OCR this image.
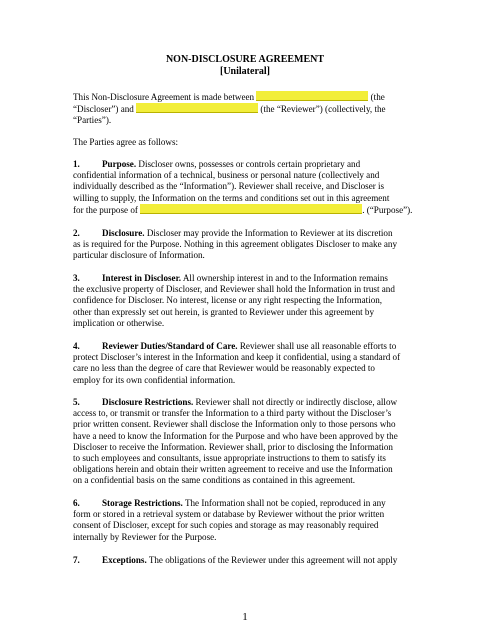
NON-DISCLOSURE AGREEMENT
[Unilateral]
This Non-Disclosure Agreement is made between	(the
“Discloser”) and	(the “Reviewer”) (collectively, the
“Parties”).
The Parties agree as follows:
1. Purpose. Discloser owns, possesses or controls certain proprietary and
confidential information of a technical, business or personal nature (collectively and
individually described as the “Information”). Reviewer shall receive, and Discloser is
willing to supply, the Information on the terms and conditions set out in this agreement
for the purpose of	. (“Purpose”).
2. Disclosure. Discloser may provide the Information to Reviewer at its discretion
as is required for the Purpose. Nothing in this agreement obligates Discloser to make any
particular disclosure of Information.
3. Interest in Discloser. All ownership interest in and to the Information remains
the exclusive property of Discloser, and Reviewer shall hold the Information in trust and
confidence for Discloser. No interest, license or any right respecting the Information,
other than expressly set out herein, is granted to Reviewer under this agreement by
implication or otherwise.
4. Reviewer Duties/Standard of Care. Reviewer shall use all reasonable efforts to
protect Discloser’s interest in the Information and keep it confidential, using a standard of
care no less than the degree of care that Reviewer would be reasonably expected to
employ for its own confidential information.
5. Disclosure Restrictions. Reviewer shall not directly or indirectly disclose, allow
access to, or transmit or transfer the Information to a third party without the Discloser’s
prior written consent. Reviewer shall disclose the Information only to those persons who
have a need to know the Information for the Purpose and who have been approved by the
Discloser to receive the Information. Reviewer shall, prior to disclosing the Information
to such employees and consultants, issue appropriate instructions to them to satisfy its
obligations herein and obtain their written agreement to receive and use the Information
on a confidential basis on the same conditions as contained in this agreement.
6. Storage Restrictions. The Information shall not be copied, reproduced in any
form or stored in a retrieval system or database by Reviewer without the prior written
consent of Discloser, except for such copies and storage as may reasonably required
internally by Reviewer for the Purpose.
7. Exceptions. The obligations of the Reviewer under this agreement will not apply
1
